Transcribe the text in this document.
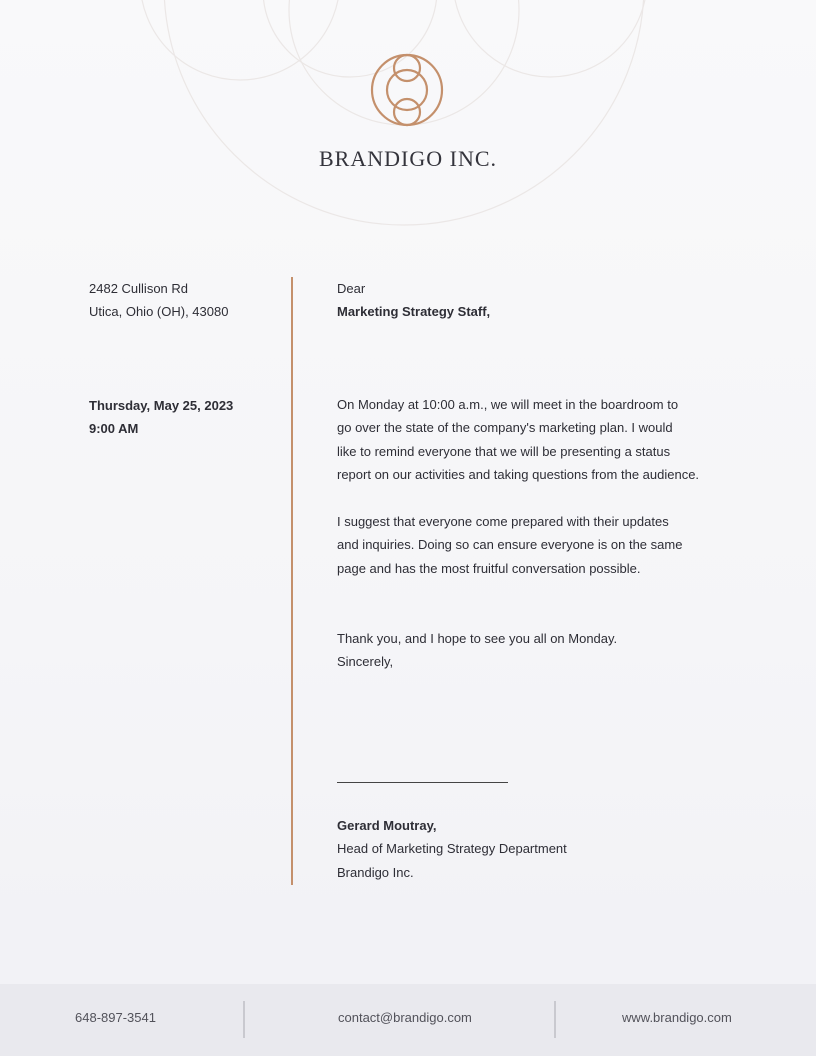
BRANDIGO INC.
2482 Cullison Rd
Utica, Ohio (OH), 43080
Thursday, May 25, 2023
9:00 AM
Dear
Marketing Strategy Staff,
On Monday at 10:00 a.m., we will meet in the boardroom to
go over the state of the company's marketing plan. I would
like to remind everyone that we will be presenting a status
report on our activities and taking questions from the audience.
I suggest that everyone come prepared with their updates
and inquiries. Doing so can ensure everyone is on the same
page and has the most fruitful conversation possible.
Thank you, and I hope to see you all on Monday.
Sincerely,
Gerard Moutray,
Head of Marketing Strategy Department
Brandigo Inc.
648-897-3541	contact@brandigo.com	www.brandigo.com
